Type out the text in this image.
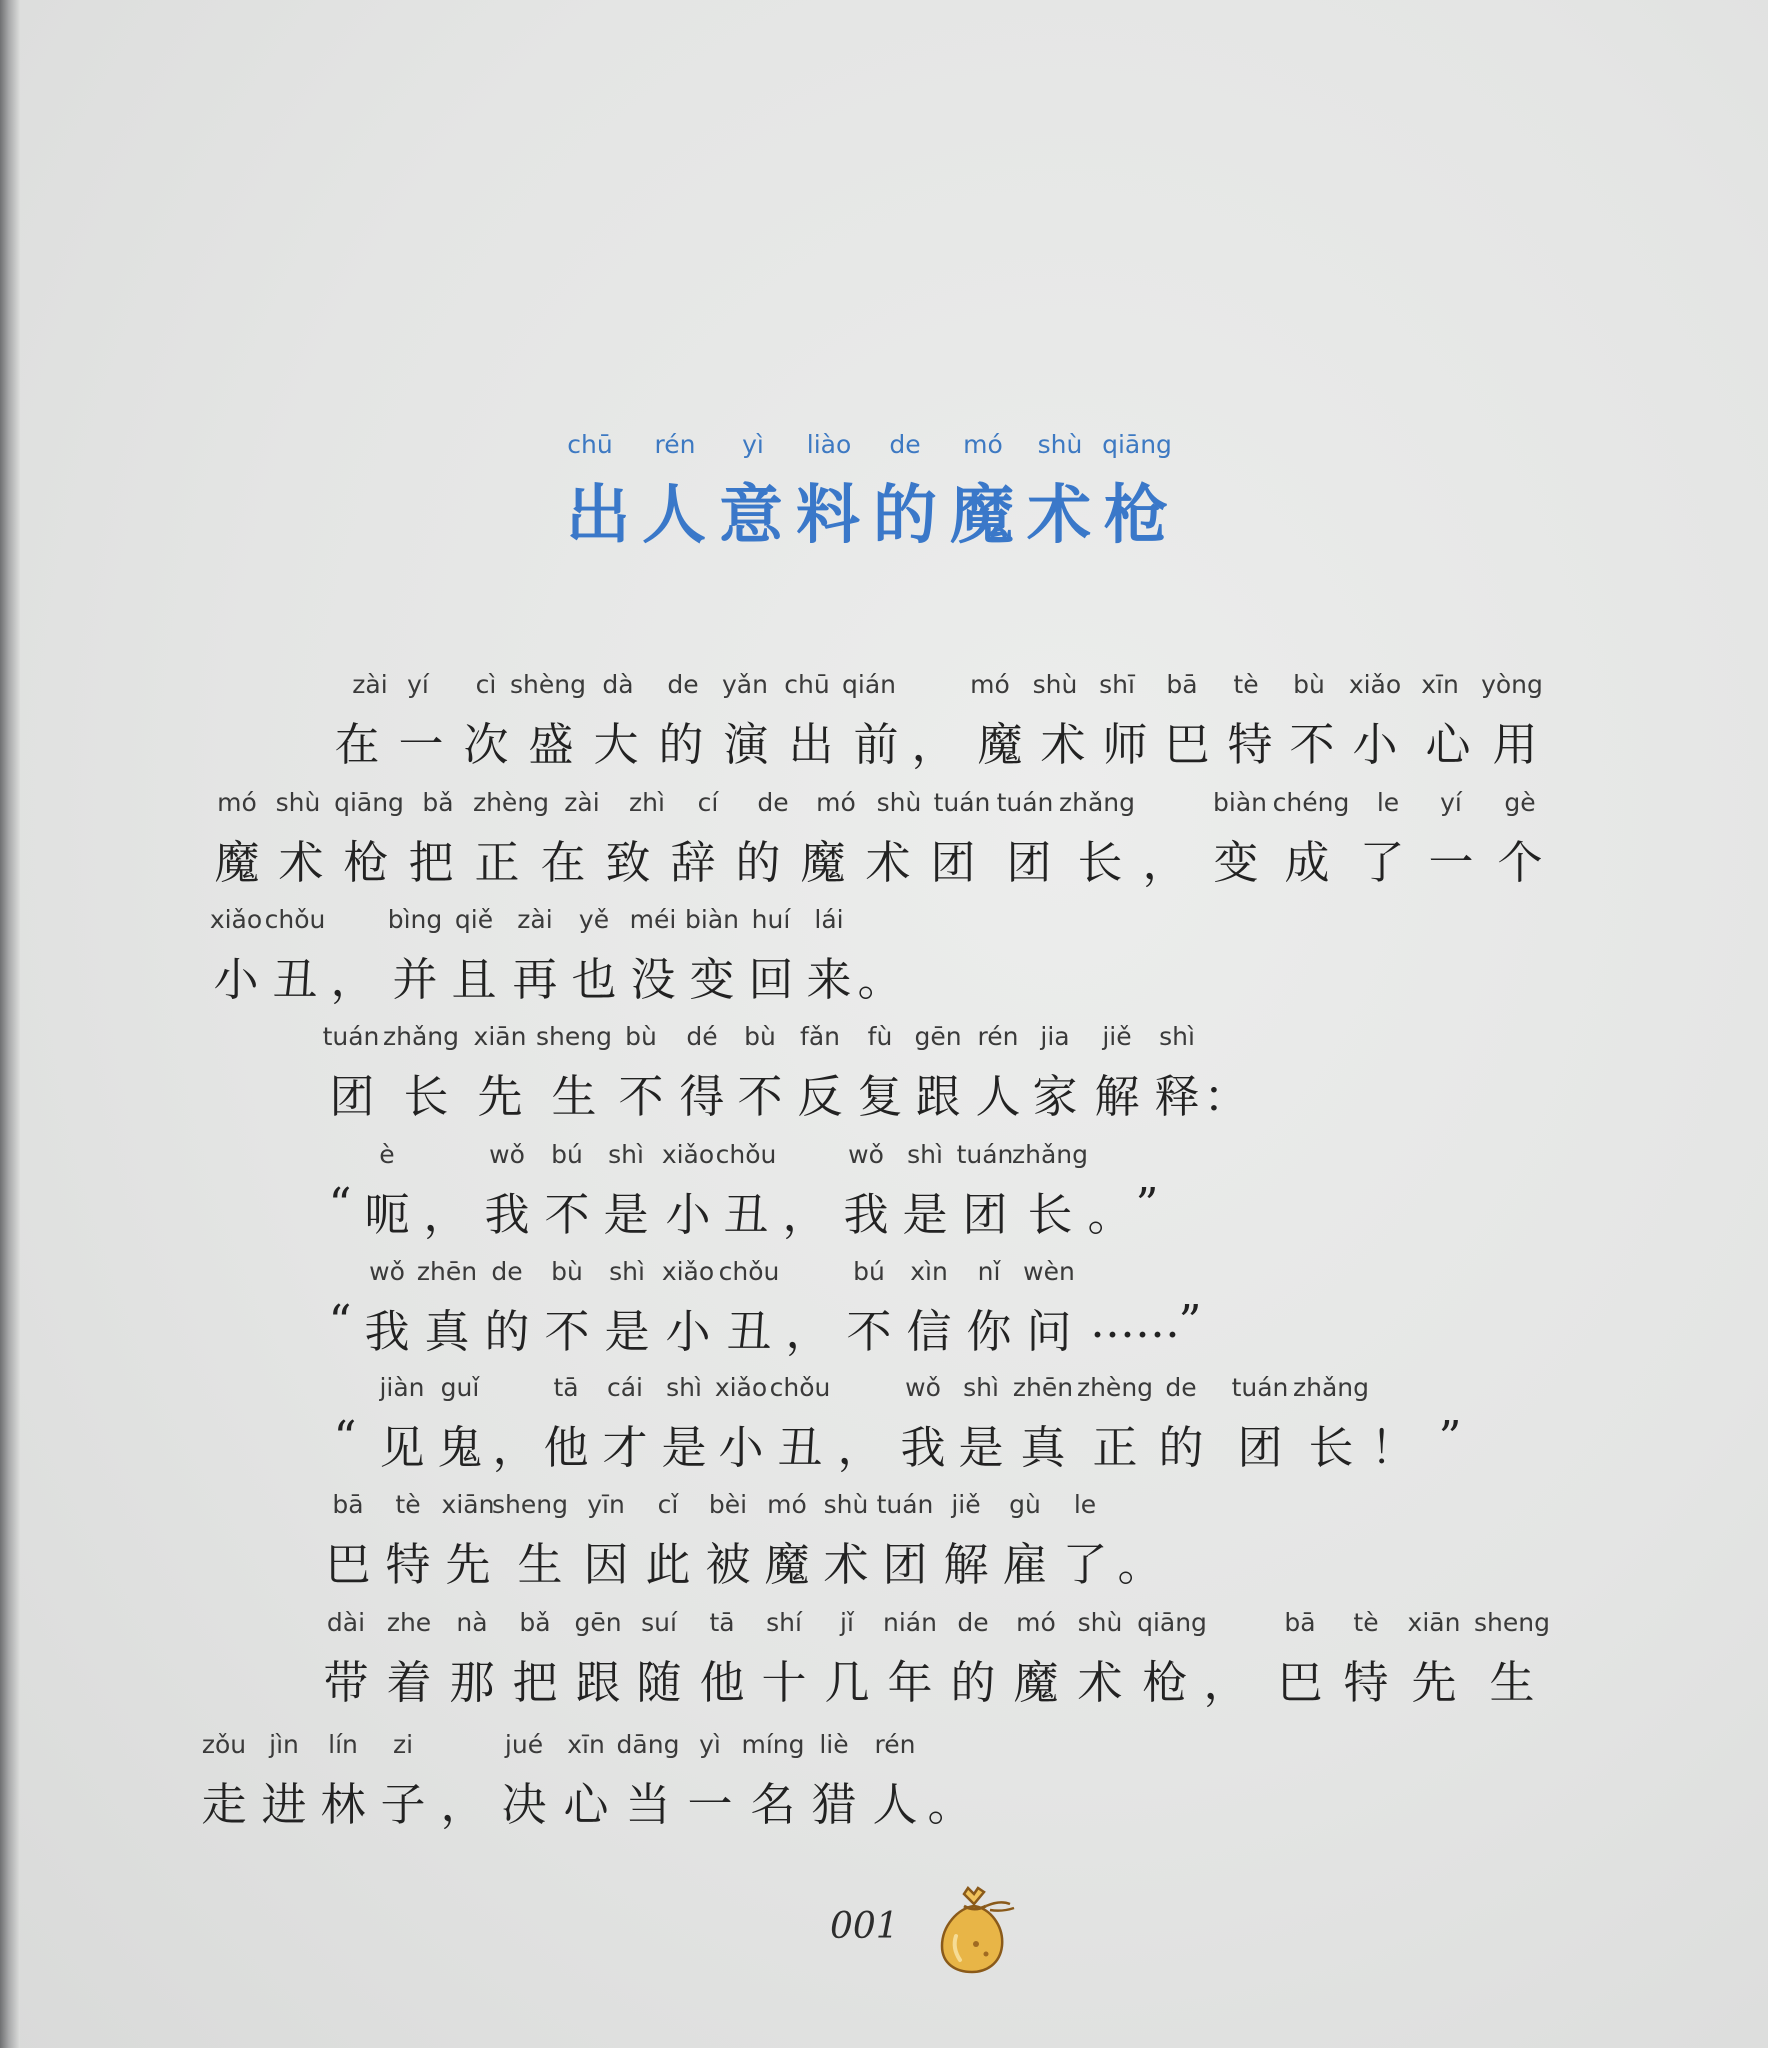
chū rén yì liào de mó shù qiāng
出 人 意 料 的 魔 术 枪
zài yí cì shèng dà de yǎn chū qián	mó shù shī bā tè bù xiǎo xīn yòng
在 一 次 盛 大 的 演 出 前 ， 魔 术 师 巴 特 不 小 心 用
mó shù qiāng bǎ zhèng zài zhì cí de mó shù tuán tuán zhǎng	biàn chéng le yí gè
魔 术 枪 把 正 在 致 辞 的 魔 术 团 团 长 ， 变 成 了 一 个
xiǎo chǒu bìng qiě zài yě méi biàn huí lái
小 丑 ， 并 且 再 也 没 变 回 来 。
tuán zhǎng xiān sheng bù dé bù fǎn fù gēn rén jia jiě shì
团 长 先 生 不 得 不 反 复 跟 人 家 解 释 ：
è	wǒ bú shì xiǎo chǒu	wǒ shì tuán
zhǎng
“ 呃 ， 我 不 是 小 丑 ， 我 是 团 长 。 ”
wǒ zhēn de bù shì xiǎo chǒu	bú xìn nǐ wèn
“ 我 真 的 不 是 小 丑 ， 不 信 你 问 ……
”
jiàn guǐ	tā cái shì xiǎo chǒu	wǒ shì zhēn zhèng de tuán zhǎng
“ 见 鬼 ， 他 才 是 小 丑 ， 我 是 真 正 的 团 长 ！ ”
bā tè xiān
sheng yīn cǐ bèi mó shù tuán jiě gù le
巴 特 先 生 因 此 被 魔 术 团 解 雇 了 。
dài zhe nà bǎ gēn suí tā shí jǐ nián de mó shù qiāng	bā tè xiān sheng
带 着 那 把 跟 随 他 十 几 年 的 魔 术 枪 ， 巴 特 先 生
zǒu jìn lín zi	jué xīn dāng yì míng liè rén
走 进 林 子 ， 决 心 当 一 名 猎 人 。
001
